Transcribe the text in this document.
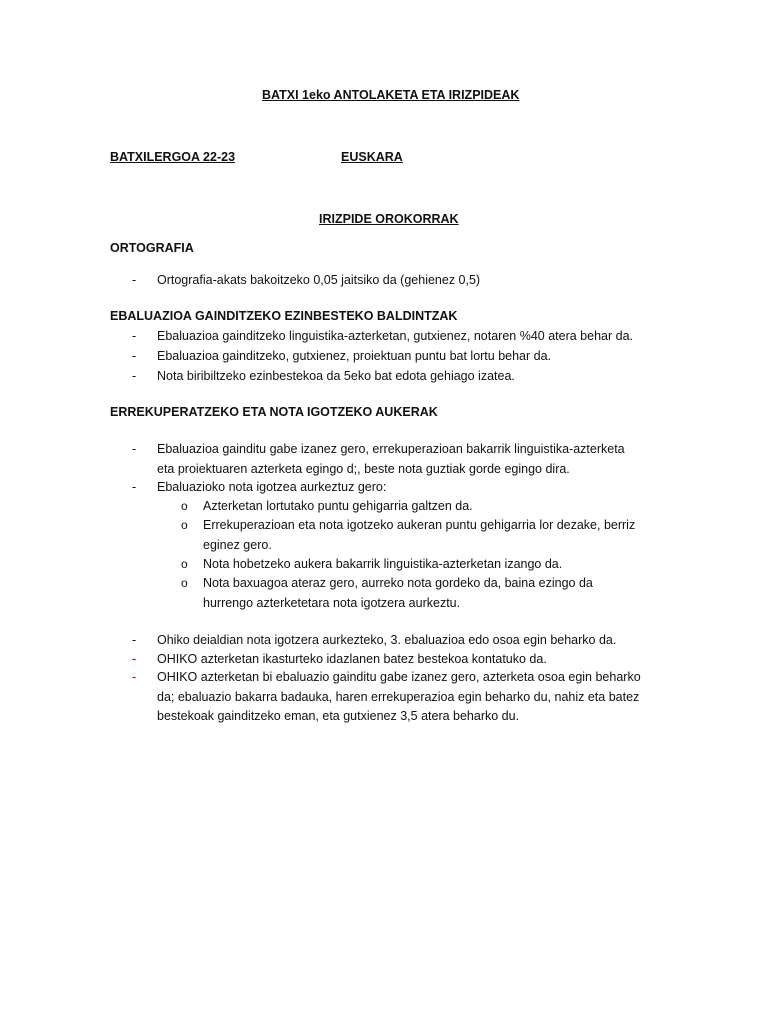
BATXI 1eko ANTOLAKETA ETA IRIZPIDEAK
BATXILERGOA 22-23	EUSKARA
IRIZPIDE OROKORRAK
ORTOGRAFIA
-	Ortografia-akats bakoitzeko 0,05 jaitsiko da (gehienez 0,5)
EBALUAZIOA GAINDITZEKO EZINBESTEKO BALDINTZAK
-	Ebaluazioa gainditzeko linguistika-azterketan, gutxienez, notaren %40 atera behar da.
-	Ebaluazioa gainditzeko, gutxienez, proiektuan puntu bat lortu behar da.
-	Nota biribiltzeko ezinbestekoa da 5eko bat edota gehiago izatea.
ERREKUPERATZEKO ETA NOTA IGOTZEKO AUKERAK
-	Ebaluazioa gainditu gabe izanez gero, errekuperazioan bakarrik linguistika-azterketa
eta proiektuaren azterketa egingo d;, beste nota guztiak gorde egingo dira.
-	Ebaluazioko nota igotzea aurkeztuz gero:
o Azterketan lortutako puntu gehigarria galtzen da.
o Errekuperazioan eta nota igotzeko aukeran puntu gehigarria lor dezake, berriz
eginez gero.
o Nota hobetzeko aukera bakarrik linguistika-azterketan izango da.
o Nota baxuagoa ateraz gero, aurreko nota gordeko da, baina ezingo da
hurrengo azterketetara nota igotzera aurkeztu.
-	Ohiko deialdian nota igotzera aurkezteko, 3. ebaluazioa edo osoa egin beharko da.
-	OHIKO azterketan ikasturteko idazlanen batez bestekoa kontatuko da.
-	OHIKO azterketan bi ebaluazio gainditu gabe izanez gero, azterketa osoa egin beharko
da; ebaluazio bakarra badauka, haren errekuperazioa egin beharko du, nahiz eta batez
bestekoak gainditzeko eman, eta gutxienez 3,5 atera beharko du.
